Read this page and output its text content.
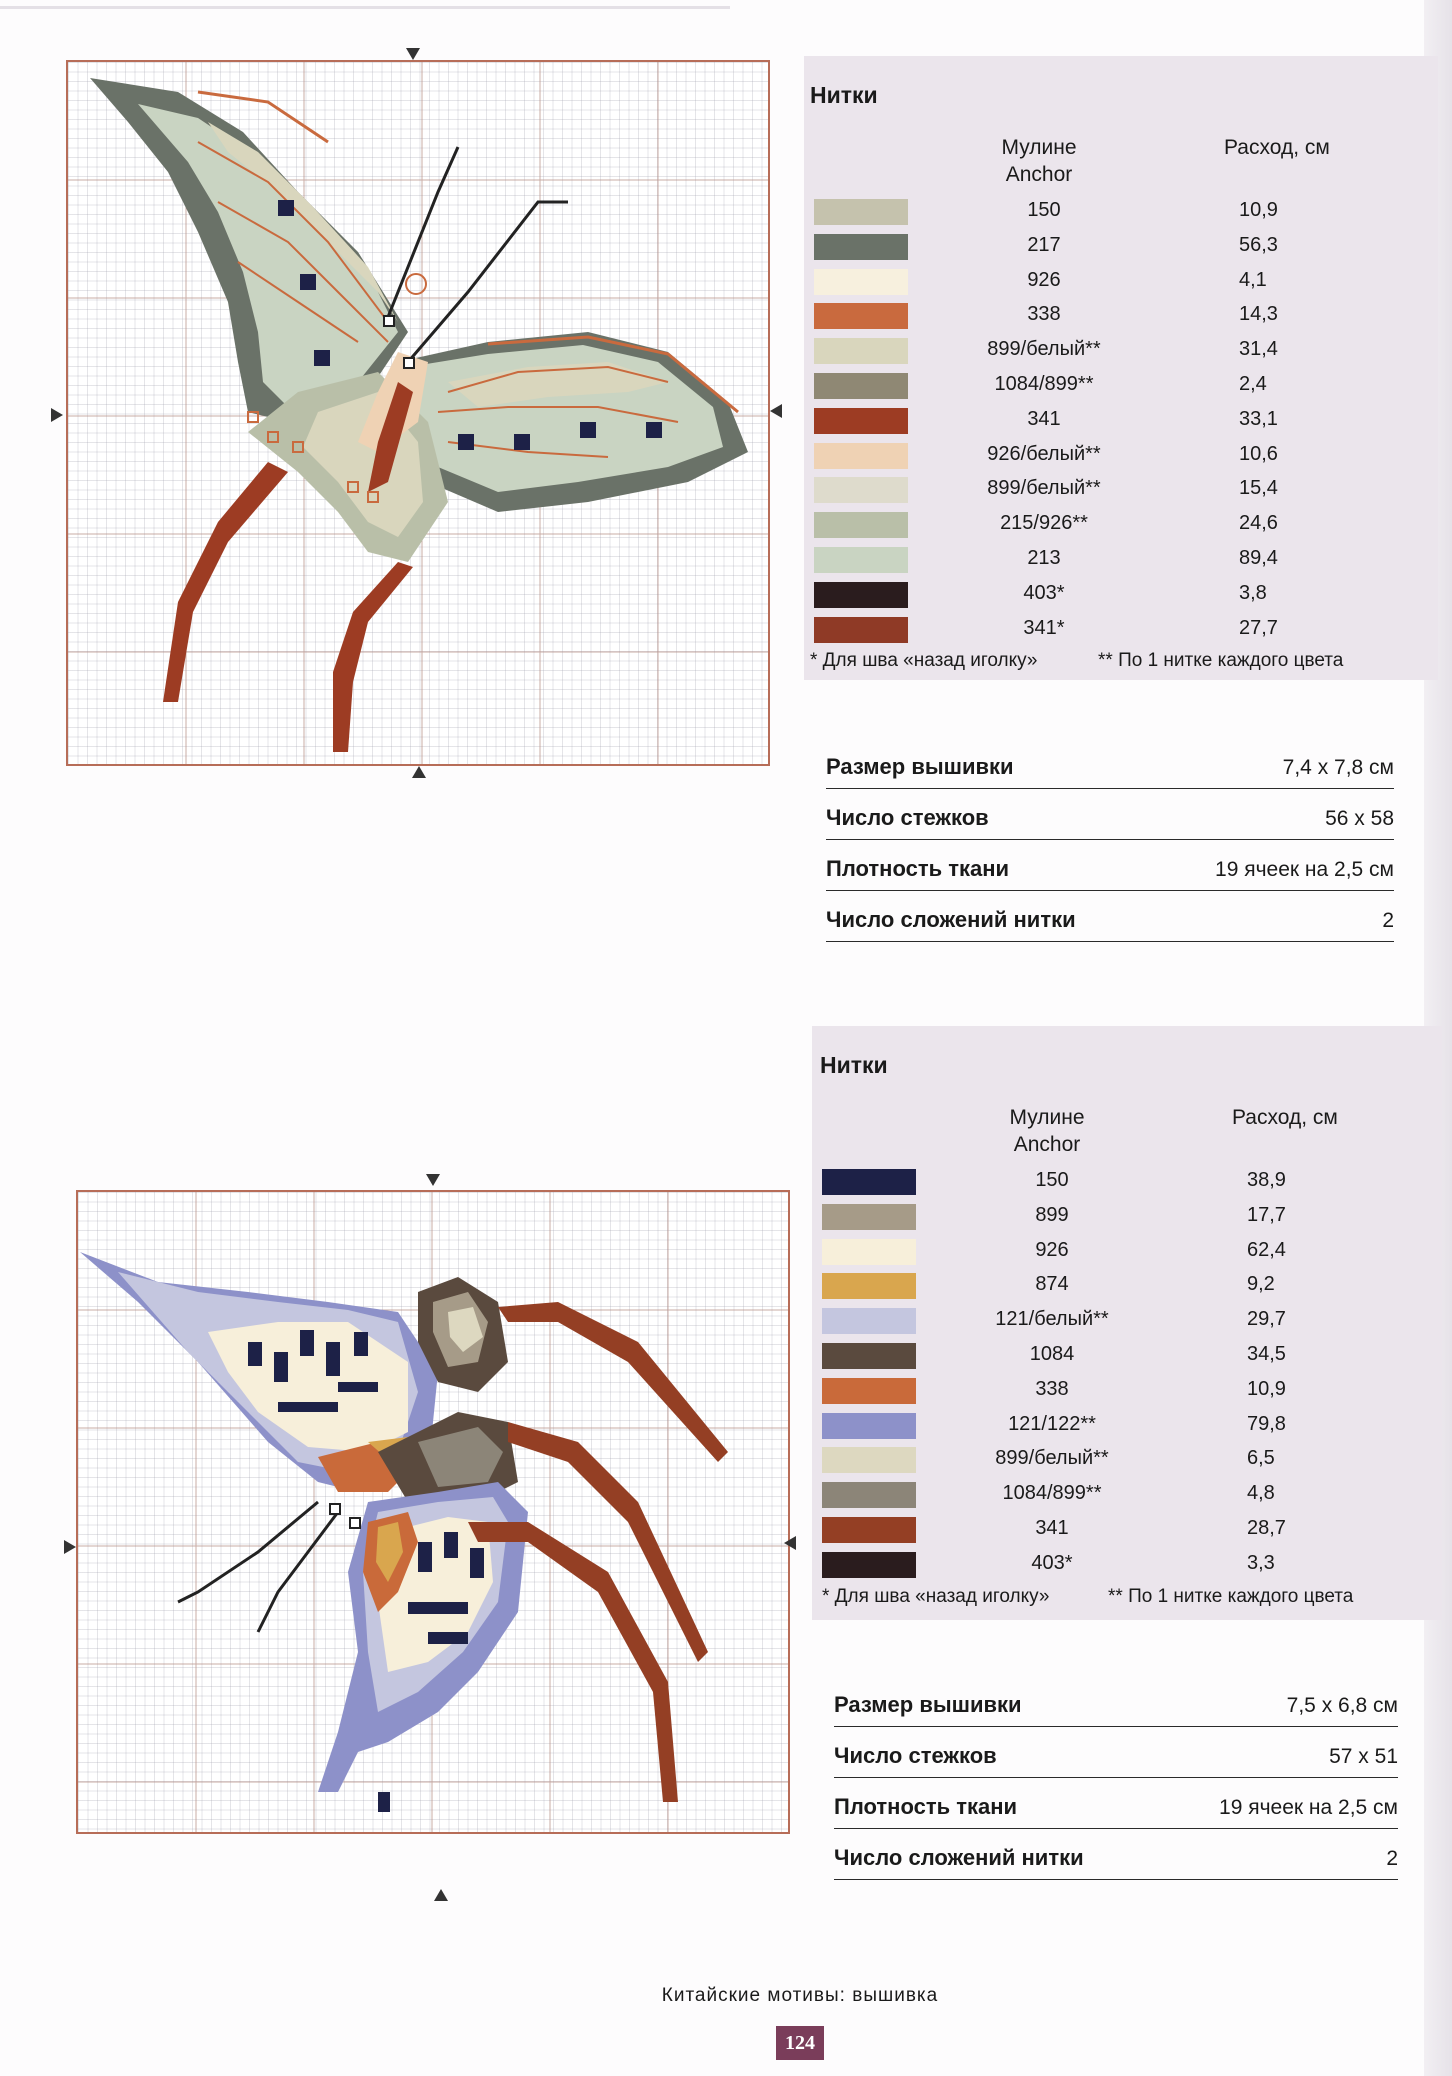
Нитки
Мулине Anchor
Расход, см
150	10,9
217	56,3
926	4,1
338	14,3
899/белый**	31,4
1084/899**	2,4
341	33,1
926/белый**	10,6
899/белый**	15,4
215/926**	24,6
213	89,4
403*	3,8
341*	27,7
* Для шва «назад иголку»	** По 1 нитке каждого цвета
Размер вышивки	7,4 х 7,8 см
Число стежков	56 х 58
Плотность ткани	19 ячеек на 2,5 см
Число сложений нитки	2
Нитки
Мулине Anchor
Расход, см
150	38,9
899	17,7
926	62,4
874	9,2
121/белый**	29,7
1084	34,5
338	10,9
121/122**	79,8
899/белый**	6,5
1084/899**	4,8
341	28,7
403*	3,3
* Для шва «назад иголку»	** По 1 нитке каждого цвета
Размер вышивки	7,5 х 6,8 см
Число стежков	57 х 51
Плотность ткани	19 ячеек на 2,5 см
Число сложений нитки	2
Китайские мотивы: вышивка
124
